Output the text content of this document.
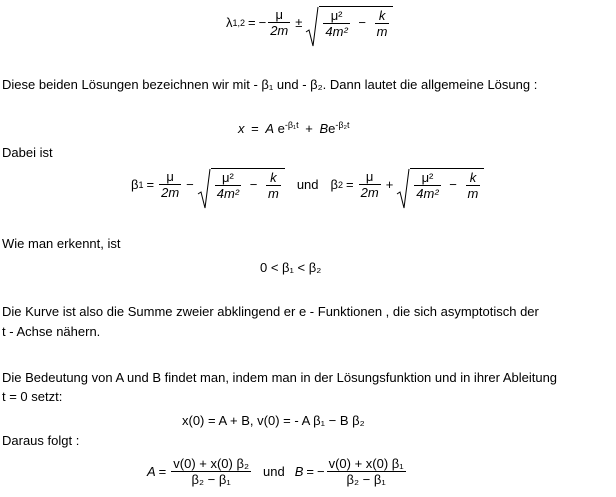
λ 1,2 = − $\frac{\mu}{2m} \pm \frac{\text{μ²}}{\text{4m²}} - \frac{k}{m}$
Diese beiden Lösungen bezeichnen wir mit - β₁ und - β₂. Dann lautet die allgemeine Lösung :
x = A $e^{-\beta_1t} + Be^{-\beta_2t}$
Dabei ist
β $1 = \frac{\mu}{2m} - \frac{\text{μ²}}{\text{4m²}} - \frac{k}{m}$ und β $2 = \frac{\mu}{2m} + \frac{\text{μ²}}{\text{4m²}} - \frac{k}{m}$
Wie man erkennt, ist
0 < β₁ < β₂
Die Kurve ist also die Summe zweier abklingend er e - Funktionen , die sich asymptotisch der
t - Achse nähern.
Die Bedeutung von A und B findet man, indem man in der Lösungsfunktion und in ihrer Ableitung
t = 0 setzt:
x(0) = A + B, v(0) = - A β₁ − B β₂
Daraus folgt :
$A = \frac{\text{v(0) + x(0) β₂}}{\text{β₂ − β₁}}$ und B = − $\frac{\text{v(0) + x(0) β₁}}{\text{β₂ − β₁}}$
